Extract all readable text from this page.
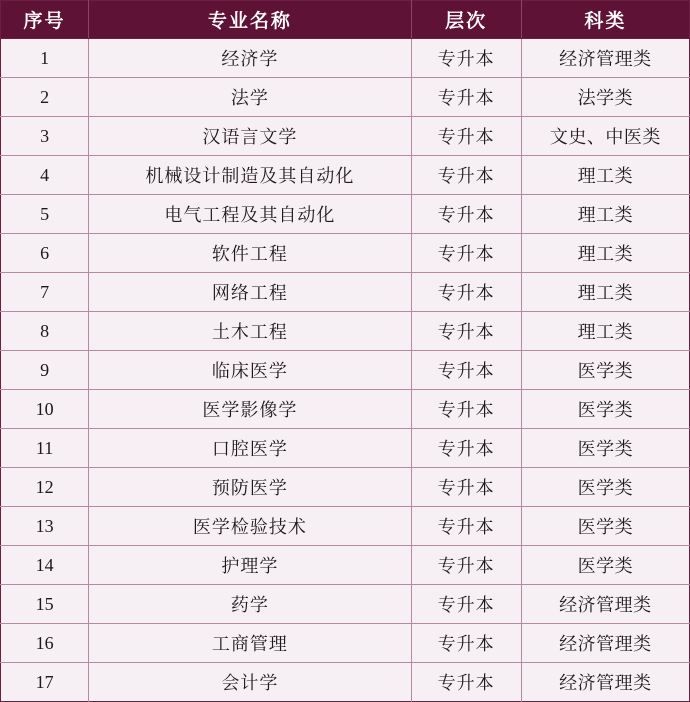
序号	专业名称	层次	科类
1	经济学	专升本	经济管理类
2	法学	专升本	法学类
3	汉语言文学	专升本	文史、中医类
4	机械设计制造及其自动化	专升本	理工类
5	电气工程及其自动化	专升本	理工类
6	软件工程	专升本	理工类
7	网络工程	专升本	理工类
8	土木工程	专升本	理工类
9	临床医学	专升本	医学类
10	医学影像学	专升本	医学类
11	口腔医学	专升本	医学类
12	预防医学	专升本	医学类
13	医学检验技术	专升本	医学类
14	护理学	专升本	医学类
15	药学	专升本	经济管理类
16	工商管理	专升本	经济管理类
17	会计学	专升本	经济管理类
